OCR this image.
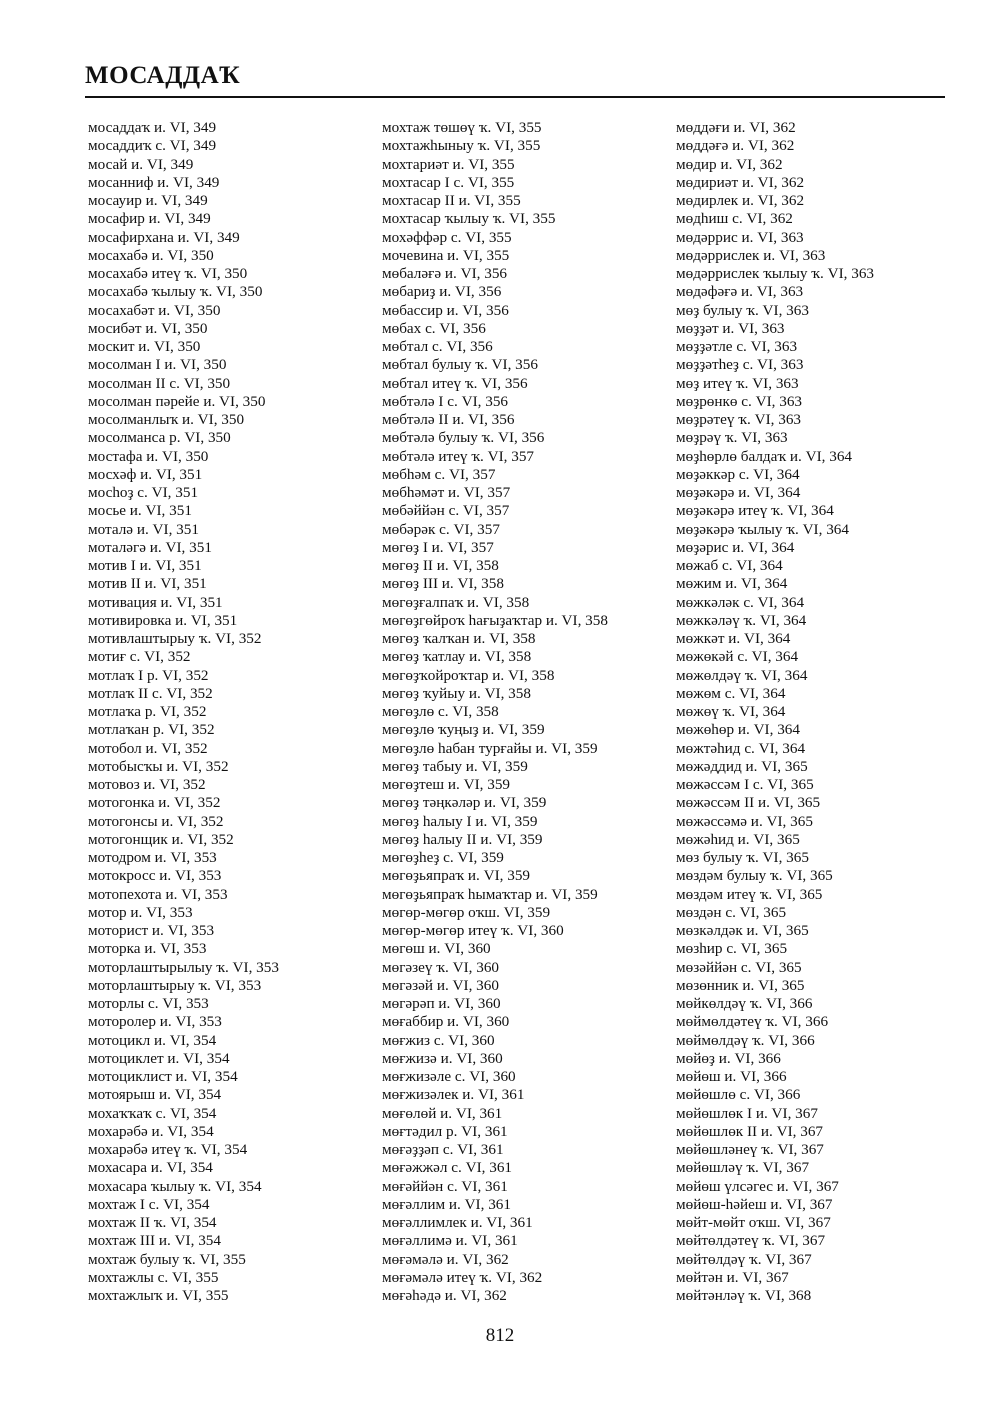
МОСАДДАҠ
мосаддаҡ и. VI, 349
мосаддиҡ с. VI, 349
мосай и. VI, 349
мосанниф и. VI, 349
мосауир и. VI, 349
мосафир и. VI, 349
мосафирхана и. VI, 349
мосахабә и. VI, 350
мосахабә итеү ҡ. VI, 350
мосахабә ҡылыу ҡ. VI, 350
мосахабәт и. VI, 350
мосибәт и. VI, 350
москит и. VI, 350
мосолман I и. VI, 350
мосолман II с. VI, 350
мосолман пәрейе и. VI, 350
мосолманлыҡ и. VI, 350
мосолманса р. VI, 350
мостафа и. VI, 350
мосхәф и. VI, 351
мосһоҙ с. VI, 351
мосье и. VI, 351
моталә и. VI, 351
моталәгә и. VI, 351
мотив I и. VI, 351
мотив II и. VI, 351
мотивация и. VI, 351
мотивировка и. VI, 351
мотивлаштырыу ҡ. VI, 352
мотиғ с. VI, 352
мотлаҡ I р. VI, 352
мотлаҡ II с. VI, 352
мотлаҡа р. VI, 352
мотлаҡан р. VI, 352
мотобол и. VI, 352
мотобысҡы и. VI, 352
мотовоз и. VI, 352
мотогонка и. VI, 352
мотогонсы и. VI, 352
мотогонщик и. VI, 352
мотодром и. VI, 353
мотокросс и. VI, 353
мотопехота и. VI, 353
мотор и. VI, 353
моторист и. VI, 353
моторка и. VI, 353
моторлаштырылыу ҡ. VI, 353
моторлаштырыу ҡ. VI, 353
моторлы с. VI, 353
моторолер и. VI, 353
мотоцикл и. VI, 354
мотоциклет и. VI, 354
мотоциклист и. VI, 354
мотоярыш и. VI, 354
мохаҡҡаҡ с. VI, 354
мохарәбә и. VI, 354
мохарәбә итеү ҡ. VI, 354
мохасара и. VI, 354
мохасара ҡылыу ҡ. VI, 354
мохтаж I с. VI, 354
мохтаж II ҡ. VI, 354
мохтаж III и. VI, 354
мохтаж булыу ҡ. VI, 355
мохтажлы с. VI, 355
мохтажлыҡ и. VI, 355
мохтаж төшөү ҡ. VI, 355
мохтажһыныу ҡ. VI, 355
мохтариәт и. VI, 355
мохтасар I с. VI, 355
мохтасар II и. VI, 355
мохтасар ҡылыу ҡ. VI, 355
мохәффәр с. VI, 355
мочевина и. VI, 355
мөбаләғә и. VI, 356
мөбариҙ и. VI, 356
мөбассир и. VI, 356
мөбах с. VI, 356
мөбтал с. VI, 356
мөбтал булыу ҡ. VI, 356
мөбтал итеү ҡ. VI, 356
мөбтәлә I с. VI, 356
мөбтәлә II и. VI, 356
мөбтәлә булыу ҡ. VI, 356
мөбтәлә итеү ҡ. VI, 357
мөбһәм с. VI, 357
мөбһәмәт и. VI, 357
мөбәййән с. VI, 357
мөбәрәк с. VI, 357
мөгөҙ I и. VI, 357
мөгөҙ II и. VI, 358
мөгөҙ III и. VI, 358
мөгөҙғалпаҡ и. VI, 358
мөгөҙгөйроҡ һағыҙаҡтар и. VI, 358
мөгөҙ ҡалҡан и. VI, 358
мөгөҙ ҡатлау и. VI, 358
мөгөҙҡойроҡтар и. VI, 358
мөгөҙ ҡуйыу и. VI, 358
мөгөҙлө с. VI, 358
мөгөҙлө ҡуңыҙ и. VI, 359
мөгөҙлө һабан турғайы и. VI, 359
мөгөҙ табыу и. VI, 359
мөгөҙтеш и. VI, 359
мөгөҙ тәңкәләр и. VI, 359
мөгөҙ һалыу I и. VI, 359
мөгөҙ һалыу II и. VI, 359
мөгөҙһеҙ с. VI, 359
мөгөҙьяпраҡ и. VI, 359
мөгөҙьяпраҡ һымаҡтар и. VI, 359
мөгөр-мөгөр оҡш. VI, 359
мөгөр-мөгөр итеү ҡ. VI, 360
мөгөш и. VI, 360
мөгәзеү ҡ. VI, 360
мөгәзәй и. VI, 360
мөгәрәп и. VI, 360
мөғаббир и. VI, 360
мөғжиз с. VI, 360
мөғжизә и. VI, 360
мөғжизәле с. VI, 360
мөғжизәлек и. VI, 361
мөғөлөй и. VI, 361
мөғтәдил р. VI, 361
мөғәҙҙәп с. VI, 361
мөғәжжәл с. VI, 361
мөғәййән с. VI, 361
мөғәллим и. VI, 361
мөғәллимлек и. VI, 361
мөғәллимә и. VI, 361
мөғәмәлә и. VI, 362
мөғәмәлә итеү ҡ. VI, 362
мөғәһәдә и. VI, 362
мөддәғи и. VI, 362
мөддәғә и. VI, 362
мөдир и. VI, 362
мөдириәт и. VI, 362
мөдирлек и. VI, 362
мөдһиш с. VI, 362
мөдәррис и. VI, 363
мөдәррислек и. VI, 363
мөдәррислек ҡылыу ҡ. VI, 363
мөдәфәғә и. VI, 363
мөҙ булыу ҡ. VI, 363
мөҙҙәт и. VI, 363
мөҙҙәтле с. VI, 363
мөҙҙәтһеҙ с. VI, 363
мөҙ итеү ҡ. VI, 363
мөҙрөнкө с. VI, 363
мөҙрәтеү ҡ. VI, 363
мөҙрәү ҡ. VI, 363
мөҙһөрлө балдаҡ и. VI, 364
мөҙәккәр с. VI, 364
мөҙәкәрә и. VI, 364
мөҙәкәрә итеү ҡ. VI, 364
мөҙәкәрә ҡылыу ҡ. VI, 364
мөҙәрис и. VI, 364
мөжаб с. VI, 364
мөжим и. VI, 364
мөжкәләк с. VI, 364
мөжкәләү ҡ. VI, 364
мөжкәт и. VI, 364
мөжөкәй с. VI, 364
мөжөлдәү ҡ. VI, 364
мөжөм с. VI, 364
мөжөү ҡ. VI, 364
мөжөһөр и. VI, 364
мөжтәһид с. VI, 364
мөжәддид и. VI, 365
мөжәссәм I с. VI, 365
мөжәссәм II и. VI, 365
мөжәссәмә и. VI, 365
мөжәһид и. VI, 365
мөз булыу ҡ. VI, 365
мөздәм булыу ҡ. VI, 365
мөздәм итеү ҡ. VI, 365
мөздән с. VI, 365
мөзкәлдәк и. VI, 365
мөзһир с. VI, 365
мөзәййән с. VI, 365
мөзөнник и. VI, 365
мөйкөлдәү ҡ. VI, 366
мөймөлдәтеү ҡ. VI, 366
мөймөлдәү ҡ. VI, 366
мөйөҙ и. VI, 366
мөйөш и. VI, 366
мөйөшлө с. VI, 366
мөйөшлөк I и. VI, 367
мөйөшлөк II и. VI, 367
мөйөшләнеү ҡ. VI, 367
мөйөшләү ҡ. VI, 367
мөйөш үлсәгес и. VI, 367
мөйөш-һәйеш и. VI, 367
мөйт-мөйт оҡш. VI, 367
мөйтөлдәтеү ҡ. VI, 367
мөйтөлдәү ҡ. VI, 367
мөйтән и. VI, 367
мөйтәнләү ҡ. VI, 368
812
